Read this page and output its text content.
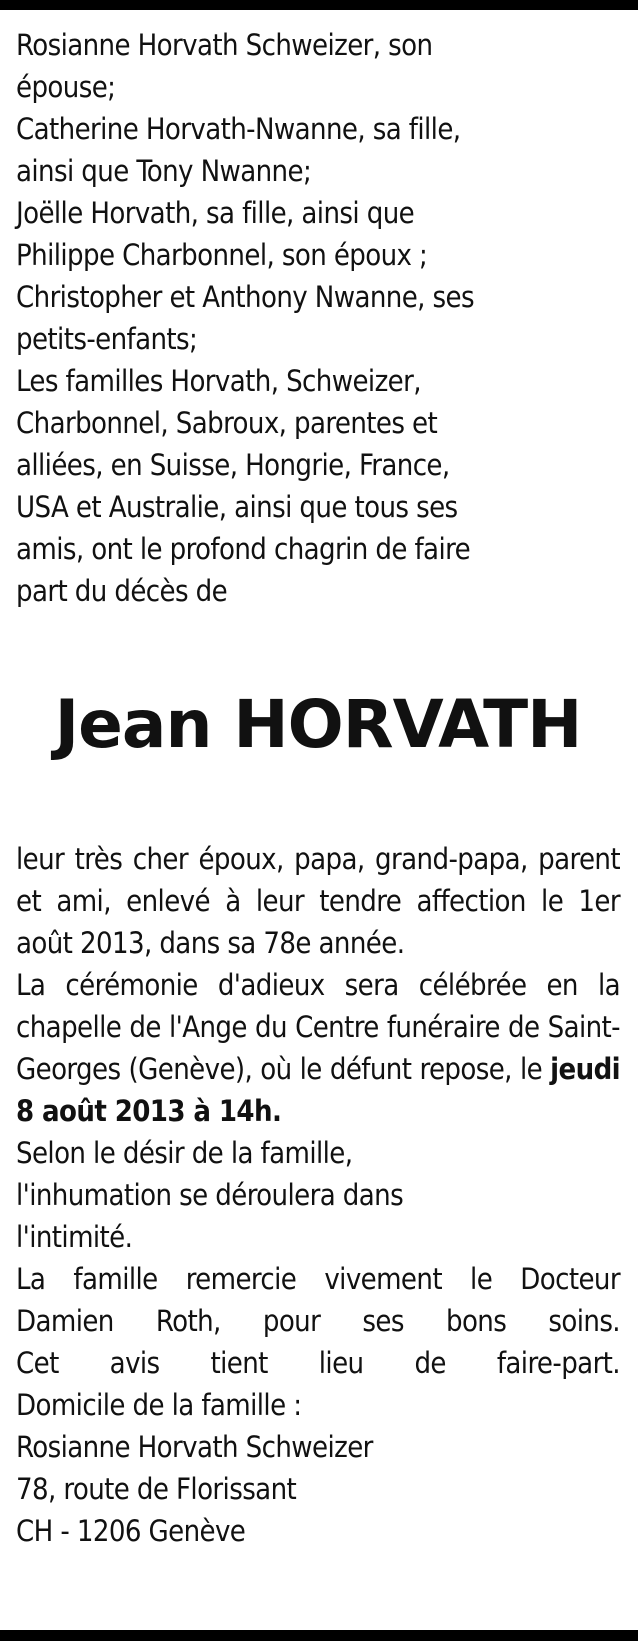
Rosianne Horvath Schweizer, son

épouse;

Catherine Horvath-Nwanne, sa fille,

ainsi que Tony Nwanne;

Joëlle Horvath, sa fille, ainsi que

Philippe Charbonnel, son époux ;

Christopher et Anthony Nwanne, ses

petits-enfants;

Les familles Horvath, Schweizer,

Charbonnel, Sabroux, parentes et

alliées, en Suisse, Hongrie, France,

USA et Australie, ainsi que tous ses

amis, ont le profond chagrin de faire

part du décès de

Jean HORVATH

leur très cher époux, papa, grand-papa, parent et ami, enlevé à leur tendre affection le 1er août 2013, dans sa 78e année.

La cérémonie d'adieux sera célébrée en la chapelle de l'Ange du Centre funéraire de Saint-Georges (Genève), où le défunt repose, le jeudi 8 août 2013 à 14h.

Selon le désir de la famille,

l'inhumation se déroulera dans

l'intimité.

La famille remercie vivement le Docteur Damien Roth, pour ses bons soins.

Cet avis tient lieu de faire-part.

Domicile de la famille :

Rosianne Horvath Schweizer

78, route de Florissant

CH - 1206 Genève
